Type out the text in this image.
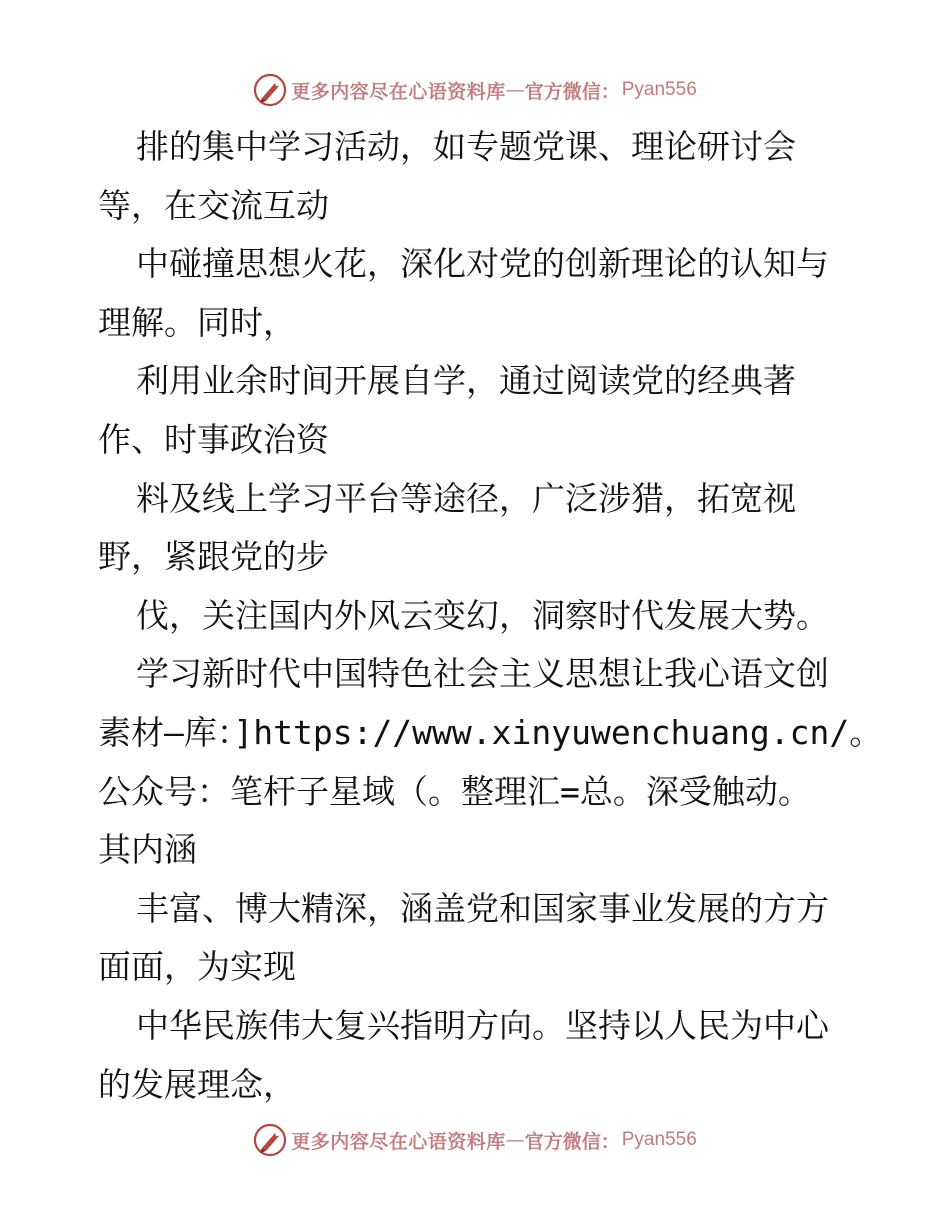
更多内容尽在心语资料库 — 官方微信： Pyan556
排的集中学习活动，如专题党课、理论研讨会
等，在交流互动
中碰撞思想火花，深化对党的创新理论的认知与
理解。同时，
利用业余时间开展自学，通过阅读党的经典著
作、时事政治资
料及线上学习平台等途径，广泛涉猎，拓宽视
野，紧跟党的步
伐，关注国内外风云变幻，洞察时代发展大势。
学习新时代中国特色社会主义思想让我心语文创
素材—库：]https://www.xinyuwenchuang.cn/。
公众号：笔杆子星域（。整理汇=总。深受触动。
其内涵
丰富、博大精深，涵盖党和国家事业发展的方方
面面，为实现
中华民族伟大复兴指明方向。坚持以人民为中心
的发展理念，
更多内容尽在心语资料库 — 官方微信： Pyan556
